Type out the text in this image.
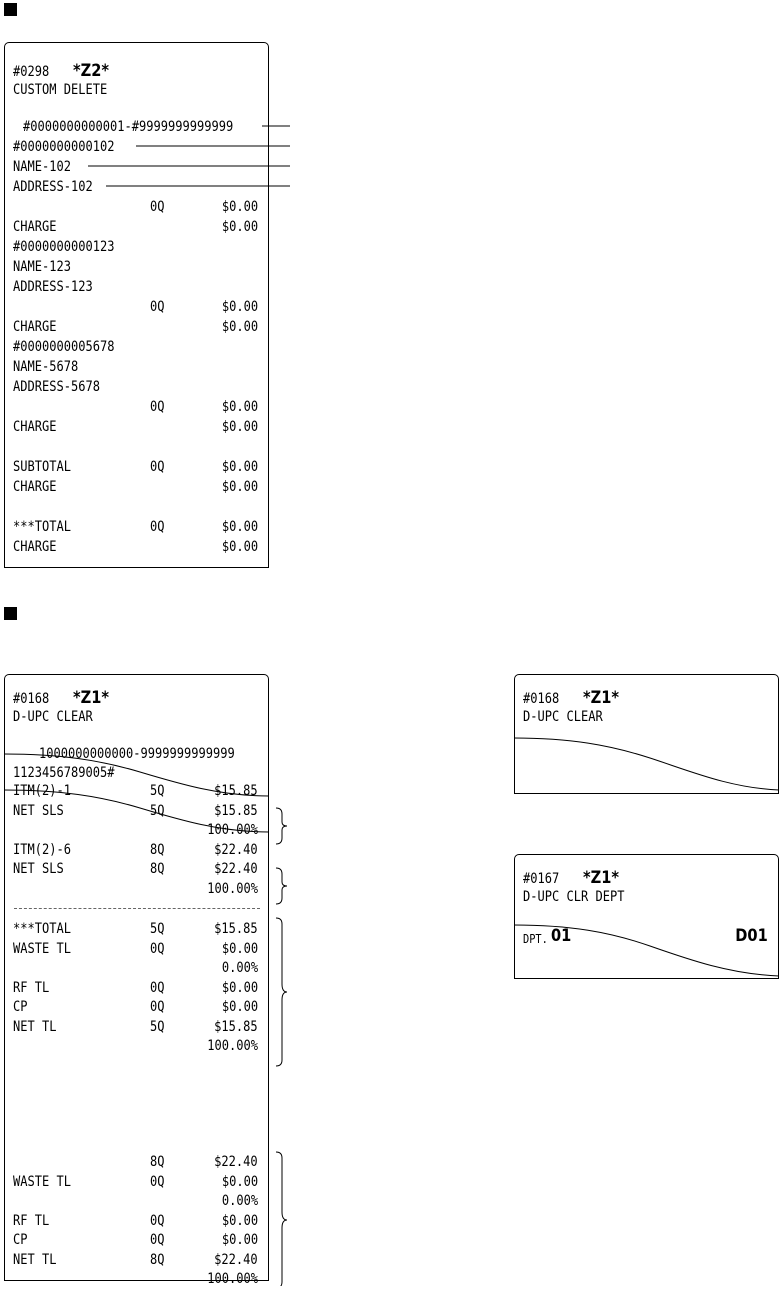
#0298 *Z2*
CUSTOM DELETE
#0000000000001-#9999999999999
#0000000000102
NAME-102
ADDRESS-102
0Q	$0.00
CHARGE	$0.00
#0000000000123
NAME-123
ADDRESS-123
0Q	$0.00
CHARGE	$0.00
#0000000005678
NAME-5678
ADDRESS-5678
0Q	$0.00
CHARGE	$0.00
SUBTOTAL	0Q	$0.00
CHARGE	$0.00
***TOTAL	0Q	$0.00
CHARGE	$0.00
#0168 *Z1*
D-UPC CLEAR
1000000000000-9999999999999
1123456789005#
ITM(2)-1	5Q	$15.85
NET SLS	5Q	$15.85
100.00%
ITM(2)-6	8Q	$22.40
NET SLS	8Q	$22.40
100.00%
***TOTAL	5Q	$15.85
WASTE TL	0Q	$0.00
0.00%
RF TL	0Q	$0.00
CP	0Q	$0.00
NET TL	5Q	$15.85
100.00%
8Q	$22.40
WASTE TL	0Q	$0.00
0.00%
RF TL	0Q	$0.00
CP	0Q	$0.00
NET TL	8Q	$22.40
100.00%
#0168 *Z1*
D-UPC CLEAR
#0167 *Z1*
D-UPC CLR DEPT
DPT. 01	D01
